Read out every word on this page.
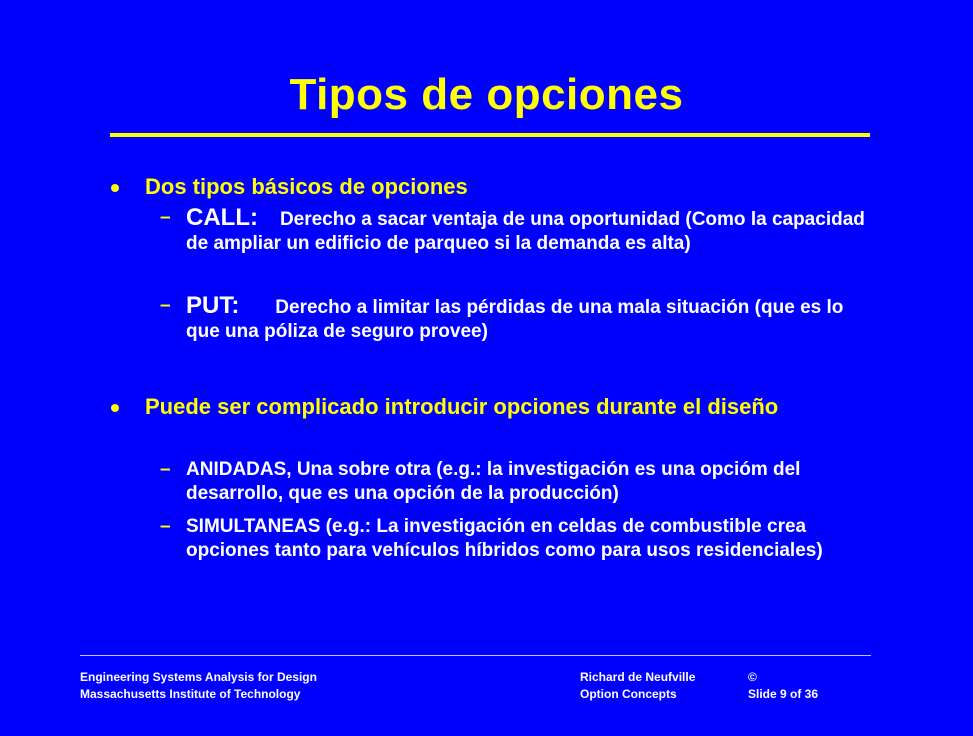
Tipos de opciones
Dos tipos básicos de opciones
– CALL:  Derecho a sacar ventaja de una oportunidad (Como la capacidad de ampliar un edificio de parqueo si la demanda es alta)
– PUT:  Derecho a limitar las pérdidas de una mala situación (que es lo que una póliza de seguro provee)
Puede ser complicado introducir opciones durante el diseño
– ANIDADAS, Una sobre otra (e.g.: la investigación es una opcióm del desarrollo, que es una opción de la producción)
– SIMULTANEAS (e.g.: La investigación en celdas de combustible crea opciones tanto para vehículos híbridos como para usos residenciales)
Engineering Systems Analysis for Design
Massachusetts Institute of Technology
Richard de Neufville	©
Option Concepts	Slide 9 of 36
